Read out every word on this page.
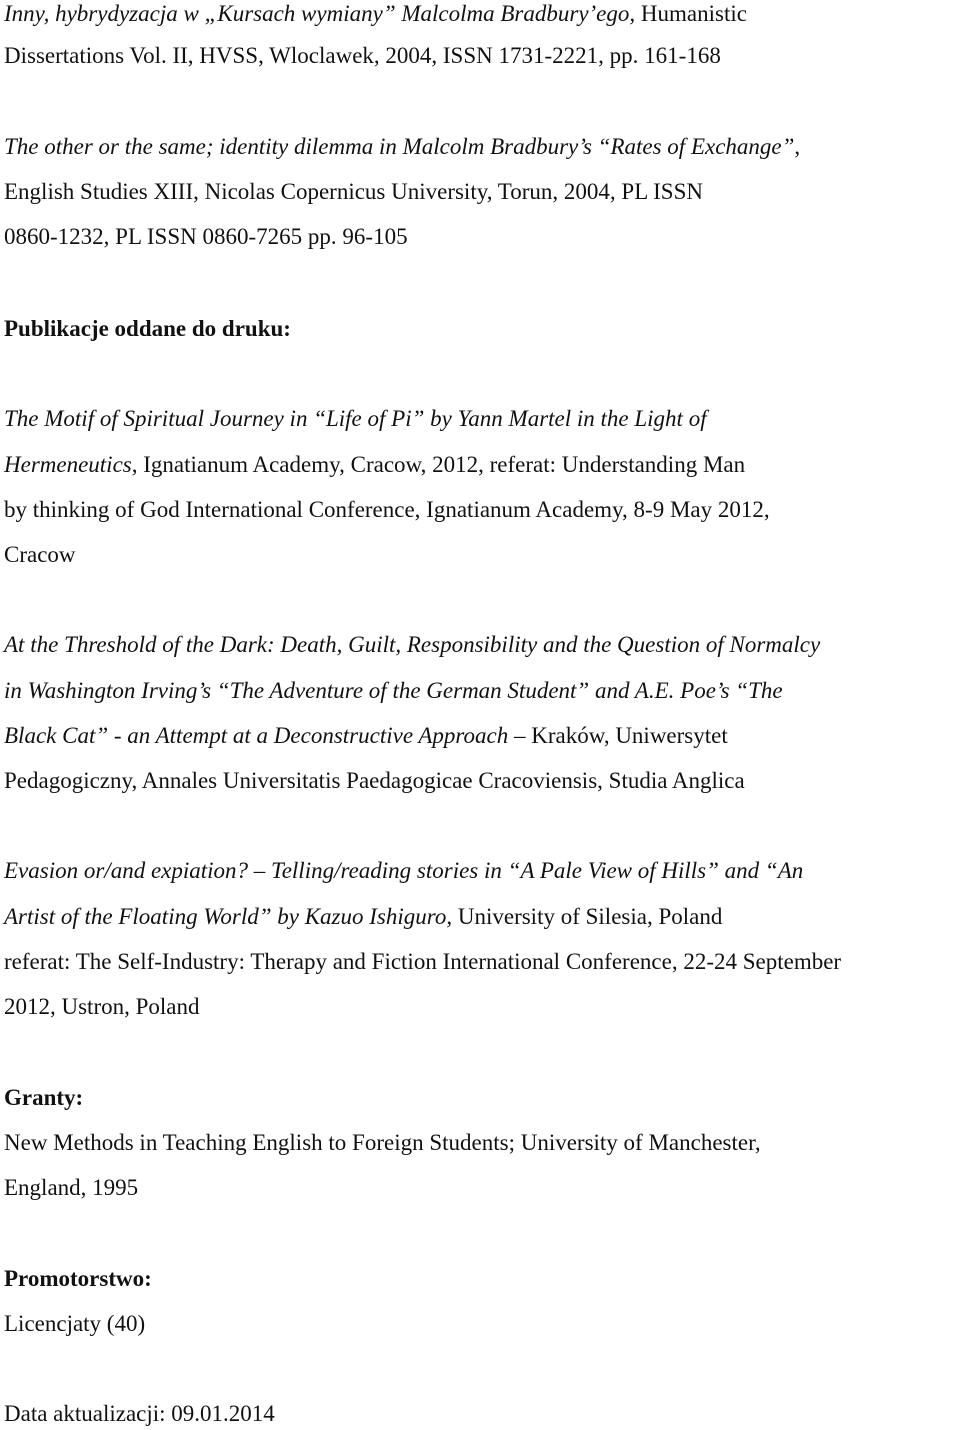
Inny, hybrydyzacja w „Kursach wymiany” Malcolma Bradbury’ego, Humanistic
Dissertations Vol. II, HVSS, Wloclawek, 2004, ISSN 1731-2221, pp. 161-168
The other or the same; identity dilemma in Malcolm Bradbury’s “Rates of Exchange”,
English Studies XIII, Nicolas Copernicus University, Torun, 2004, PL ISSN
0860-1232, PL ISSN 0860-7265 pp. 96-105
Publikacje oddane do druku:
The Motif of Spiritual Journey in “Life of Pi” by Yann Martel in the Light of
Hermeneutics, Ignatianum Academy, Cracow, 2012, referat: Understanding Man
by thinking of God International Conference, Ignatianum Academy, 8-9 May 2012,
Cracow
At the Threshold of the Dark: Death, Guilt, Responsibility and the Question of Normalcy
in Washington Irving’s “The Adventure of the German Student” and A.E. Poe’s “The
Black Cat” - an Attempt at a Deconstructive Approach – Kraków, Uniwersytet
Pedagogiczny, Annales Universitatis Paedagogicae Cracoviensis, Studia Anglica
Evasion or/and expiation? – Telling/reading stories in “A Pale View of Hills” and “An
Artist of the Floating World” by Kazuo Ishiguro, University of Silesia, Poland
referat: The Self-Industry: Therapy and Fiction International Conference, 22-24 September
2012, Ustron, Poland
Granty:
New Methods in Teaching English to Foreign Students; University of Manchester,
England, 1995
Promotorstwo:
Licencjaty (40)
Data aktualizacji: 09.01.2014
